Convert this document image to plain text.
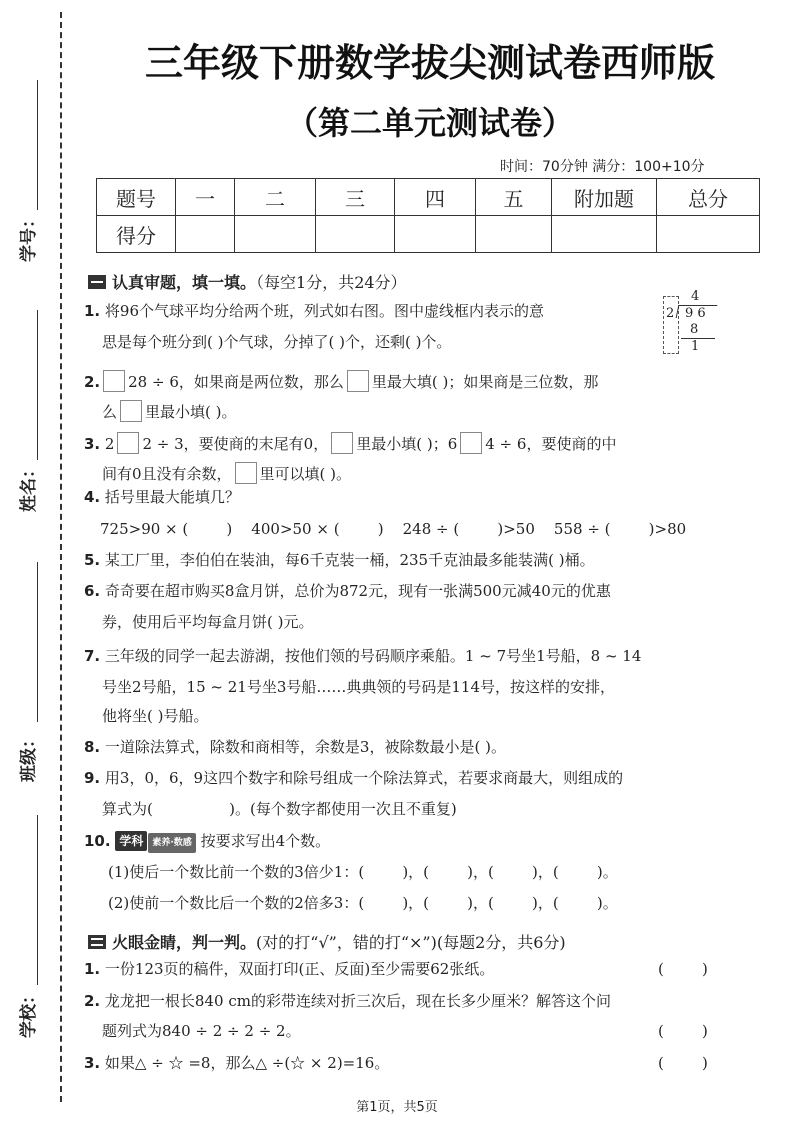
学号：
姓名：
班级：
学校：
三年级下册数学拔尖测试卷西师版
（第二单元测试卷）
时间：70分钟 满分：100+10分
题号	一	二	三	四	五	附加题	总分
得分							
认真审题，填一填。（每空1分，共24分）
1. 将96个气球平均分给两个班，列式如右图。图中虚线框内表示的意
思是每个班分到( )个气球，分掉了( )个，还剩( )个。
4
2 9 6
8
1
2. 28 ÷ 6，如果商是两位数，那么 里最大填( )；如果商是三位数，那
么 里最小填( )。
3. 2 2 ÷ 3，要使商的末尾有0， 里最小填( )；6 4 ÷ 6，要使商的中
间有0且没有余数， 里可以填( )。
4. 括号里最大能填几？
725>90 × (        )    400>50 × (        )    248 ÷ (        )>50    558 ÷ (        )>80
5. 某工厂里，李伯伯在装油，每6千克装一桶，235千克油最多能装满( )桶。
6. 奇奇要在超市购买8盒月饼，总价为872元，现有一张满500元减40元的优惠
券，使用后平均每盒月饼( )元。
7. 三年级的同学一起去游湖，按他们领的号码顺序乘船。1 ~ 7号坐1号船，8 ~ 14
号坐2号船，15 ~ 21号坐3号船……典典领的号码是114号，按这样的安排，
他将坐( )号船。
8. 一道除法算式，除数和商相等，余数是3，被除数最小是( )。
9. 用3，0，6，9这四个数字和除号组成一个除法算式，若要求商最大，则组成的
算式为(                )。(每个数字都使用一次且不重复)
10. 学科 素养·数感 按要求写出4个数。
(1)使后一个数比前一个数的3倍少1：(        )，(        )，(        )，(        )。
(2)使前一个数比后一个数的2倍多3：(        )，(        )，(        )，(        )。
火眼金睛，判一判。(对的打“√”，错的打“×”)(每题2分，共6分)
1. 一份123页的稿件，双面打印(正、反面)至少需要62张纸。	(        )
2. 龙龙把一根长840 cm的彩带连续对折三次后，现在长多少厘米？解答这个问
题列式为840 ÷ 2 ÷ 2 ÷ 2。	(        )
3. 如果△ ÷ ☆ =8，那么△ ÷(☆ × 2)=16。	(        )
第1页，共5页
